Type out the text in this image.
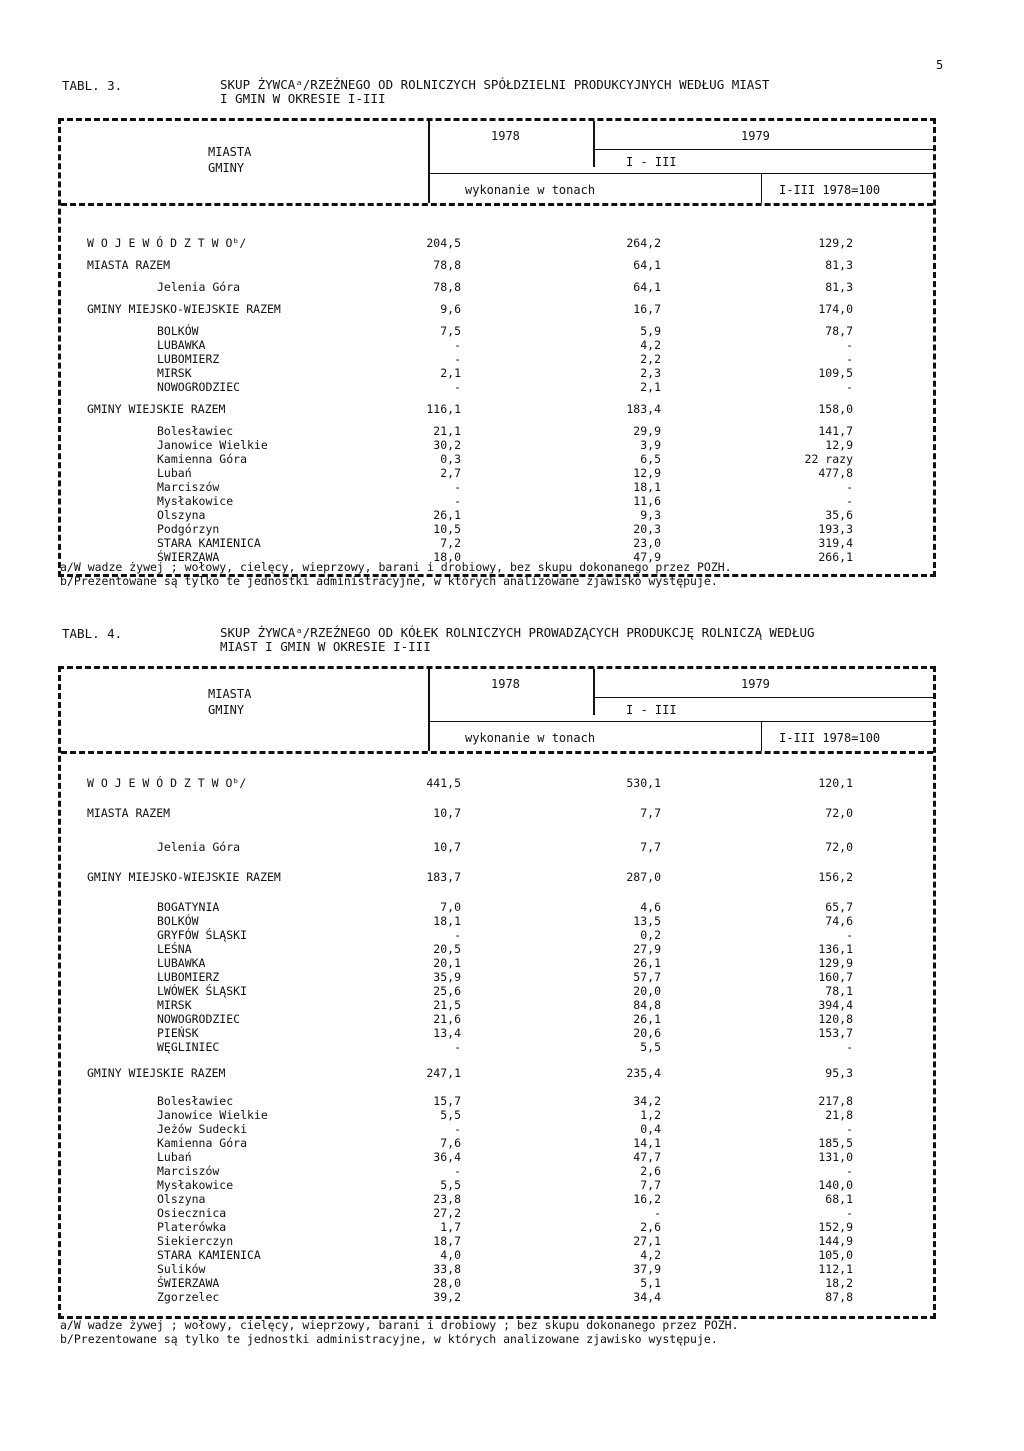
5
TABL. 3.	SKUP ŻYWCAᵃ/RZEŹNEGO OD ROLNICZYCH SPÓŁDZIELNI PRODUKCYJNYCH WEDŁUG MIAST
I GMIN W OKRESIE I-III
MIASTA
GMINY
1978	1979
I - III
wykonanie w tonach	I-III 1978=100
W O J E W Ó D Z T W Oᵇ/	204,5	264,2	129,2
MIASTA RAZEM	78,8	64,1	81,3
Jelenia Góra	78,8	64,1	81,3
GMINY MIEJSKO-WIEJSKIE RAZEM	9,6	16,7	174,0
BOLKÓW	7,5	5,9	78,7
LUBAWKA	-	4,2	-
LUBOMIERZ	-	2,2	-
MIRSK	2,1	2,3	109,5
NOWOGRODZIEC	-	2,1	-
GMINY WIEJSKIE RAZEM	116,1	183,4	158,0
Bolesławiec	21,1	29,9	141,7
Janowice Wielkie	30,2	3,9	12,9
Kamienna Góra	0,3	6,5	22 razy
Lubań	2,7	12,9	477,8
Marciszów	-	18,1	-
Mysłakowice	-	11,6	-
Olszyna	26,1	9,3	35,6
Podgórzyn	10,5	20,3	193,3
STARA KAMIENICA	7,2	23,0	319,4
ŚWIERZAWA	18,0	47,9	266,1
a/W wadze żywej ; wołowy, cielęcy, wieprzowy, barani i drobiowy, bez skupu dokonanego przez POZH.
b/Prezentowane są tylko te jednostki administracyjne, w których analizowane zjawisko występuje.
TABL. 4.	SKUP ŻYWCAᵃ/RZEŹNEGO OD KÓŁEK ROLNICZYCH PROWADZĄCYCH PRODUKCJĘ ROLNICZĄ WEDŁUG
MIAST I GMIN W OKRESIE I-III
MIASTA
GMINY
1978	1979
I - III
wykonanie w tonach	I-III 1978=100
W O J E W Ó D Z T W Oᵇ/	441,5	530,1	120,1
MIASTA RAZEM	10,7	7,7	72,0
Jelenia Góra	10,7	7,7	72,0
GMINY MIEJSKO-WIEJSKIE RAZEM	183,7	287,0	156,2
BOGATYNIA	7,0	4,6	65,7
BOLKÓW	18,1	13,5	74,6
GRYFÓW ŚLĄSKI	-	0,2	-
LEŚNA	20,5	27,9	136,1
LUBAWKA	20,1	26,1	129,9
LUBOMIERZ	35,9	57,7	160,7
LWÓWEK ŚLĄSKI	25,6	20,0	78,1
MIRSK	21,5	84,8	394,4
NOWOGRODZIEC	21,6	26,1	120,8
PIEŃSK	13,4	20,6	153,7
WĘGLINIEC	-	5,5	-
GMINY WIEJSKIE RAZEM	247,1	235,4	95,3
Bolesławiec	15,7	34,2	217,8
Janowice Wielkie	5,5	1,2	21,8
Jeżów Sudecki	-	0,4	-
Kamienna Góra	7,6	14,1	185,5
Lubań	36,4	47,7	131,0
Marciszów	-	2,6	-
Mysłakowice	5,5	7,7	140,0
Olszyna	23,8	16,2	68,1
Osiecznica	27,2	-	-
Platerówka	1,7	2,6	152,9
Siekierczyn	18,7	27,1	144,9
STARA KAMIENICA	4,0	4,2	105,0
Sulików	33,8	37,9	112,1
ŚWIERZAWA	28,0	5,1	18,2
Zgorzelec	39,2	34,4	87,8
a/W wadze żywej ; wołowy, cielęcy, wieprzowy, barani i drobiowy ; bez skupu dokonanego przez POZH.
b/Prezentowane są tylko te jednostki administracyjne, w których analizowane zjawisko występuje.
